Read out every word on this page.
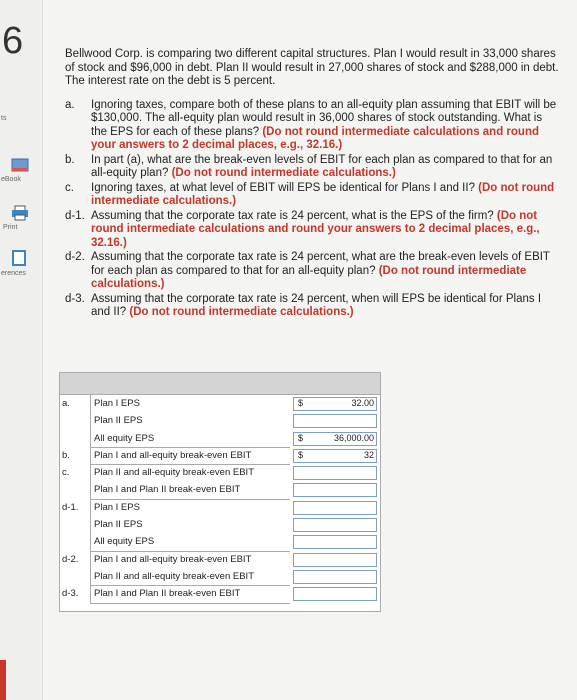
6
ts
eBook
Print
erences

Bellwood Corp. is comparing two different capital structures. Plan I would result in 33,000 shares of stock and $96,000 in debt. Plan II would result in 27,000 shares of stock and $288,000 in debt. The interest rate on the debt is 5 percent.

a.	Ignoring taxes, compare both of these plans to an all-equity plan assuming that EBIT will be $130,000. The all-equity plan would result in 36,000 shares of stock outstanding. What is the EPS for each of these plans? (Do not round intermediate calculations and round your answers to 2 decimal places, e.g., 32.16.)
b.	In part (a), what are the break-even levels of EBIT for each plan as compared to that for an all-equity plan? (Do not round intermediate calculations.)
c.	Ignoring taxes, at what level of EBIT will EPS be identical for Plans I and II? (Do not round intermediate calculations.)
d-1. Assuming that the corporate tax rate is 24 percent, what is the EPS of the firm? (Do not round intermediate calculations and round your answers to 2 decimal places, e.g., 32.16.)
d-2. Assuming that the corporate tax rate is 24 percent, what are the break-even levels of EBIT for each plan as compared to that for an all-equity plan? (Do not round intermediate calculations.)
d-3. Assuming that the corporate tax rate is 24 percent, when will EPS be identical for Plans I and II? (Do not round intermediate calculations.)
a.	Plan I EPS	$	32.00
Plan II EPS
All equity EPS	$	36,000.00
b.	Plan I and all-equity break-even EBIT	$	32
c.	Plan II and all-equity break-even EBIT
Plan I and Plan II break-even EBIT
d-1.	Plan I EPS
Plan II EPS
All equity EPS
d-2.	Plan I and all-equity break-even EBIT
Plan II and all-equity break-even EBIT
d-3.	Plan I and Plan II break-even EBIT
